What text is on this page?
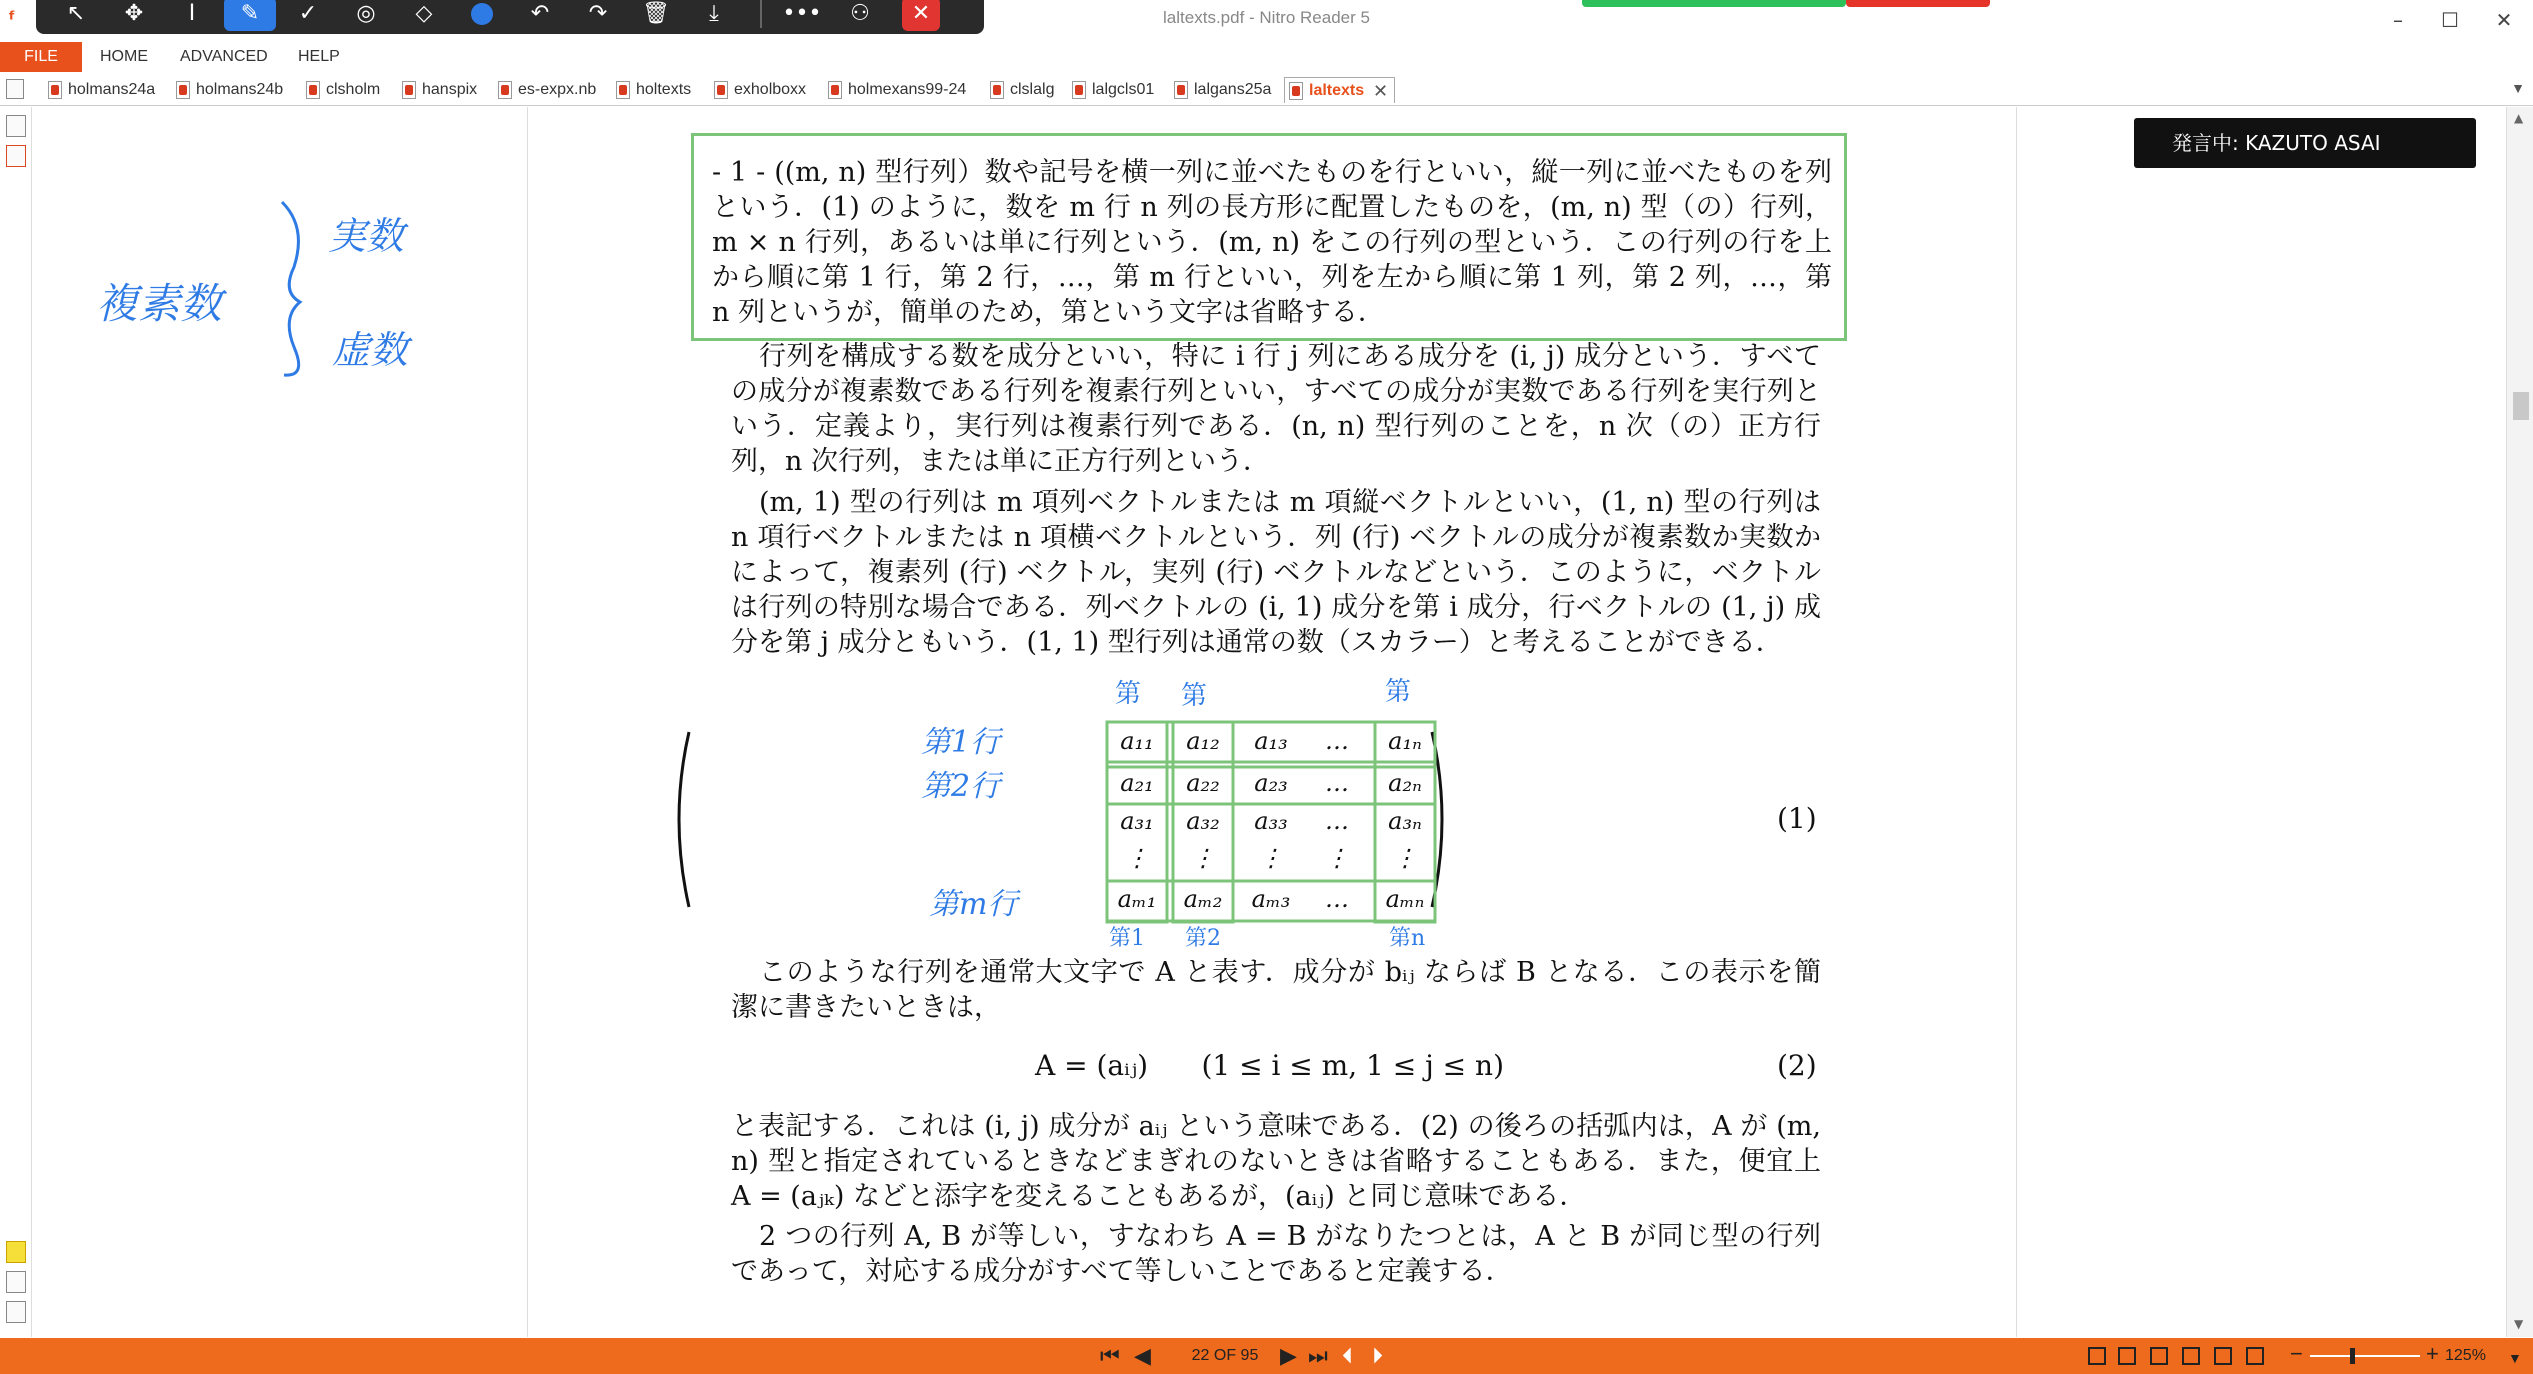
ᶠ	laltexts.pdf - Nitro Reader 5	–	☐	✕
↖	✥	I	✎	✓	◎	◇	↶	↷	🗑	⤓	•••	⚇	✕
FILE	HOME ADVANCED HELP
holmans24a	holmans24b	clsholm	hanspix	es-expx.nb	holtexts	exholboxx	holmexans99-24	clslalg	lalgcls01	lalgans25a	laltexts ✕	▼
複素数
実数
虚数
- 1 - ((m, n) 型行列）数や記号を横一列に並べたものを行といい，縦一列に並べたものを列という．(1) のように，数を m 行 n 列の長方形に配置したものを，(m, n) 型（の）行列，m × n 行列，あるいは単に行列という．(m, n) をこの行列の型という．この行列の行を上から順に第 1 行，第 2 行，…，第 m 行といい，列を左から順に第 1 列，第 2 列，…，第 n 列というが，簡単のため，第という文字は省略する．
行列を構成する数を成分といい，特に i 行 j 列にある成分を (i, j) 成分という．すべての成分が複素数である行列を複素行列といい，すべての成分が実数である行列を実行列という．定義より，実行列は複素行列である．(n, n) 型行列のことを，n 次（の）正方行列，n 次行列，または単に正方行列という．
(m, 1) 型の行列は m 項列ベクトルまたは m 項縦ベクトルといい，(1, n) 型の行列は n 項行ベクトルまたは n 項横ベクトルという．列 (行) ベクトルの成分が複素数か実数かによって，複素列 (行) ベクトル，実列 (行) ベクトルなどという．このように，ベクトルは行列の特別な場合である．列ベクトルの (i, 1) 成分を第 i 成分，行ベクトルの (1, j) 成分を第 j 成分ともいう．(1, 1) 型行列は通常の数（スカラー）と考えることができる．
a₁₁	a₁₂	a₁₃	…	a₁ₙ
a₂₁	a₂₂	a₂₃	…	a₂ₙ
a₃₁	a₃₂	a₃₃	…	a₃ₙ
⋮	⋮	⋮	⋮	⋮
aₘ₁	aₘ₂	aₘ₃	…	aₘₙ
(1)
第1行
第2行
第m行
第 第	第
第1 第2	第n
このような行列を通常大文字で A と表す．成分が bᵢⱼ ならば B となる．この表示を簡潔に書きたいときは，
A = (aᵢⱼ)      (1 ≤ i ≤ m, 1 ≤ j ≤ n)	(2)
と表記する．これは (i, j) 成分が aᵢⱼ という意味である．(2) の後ろの括弧内は，A が (m, n) 型と指定されているときなどまぎれのないときは省略することもある．また，便宜上 A = (aⱼₖ) などと添字を変えることもあるが，(aᵢⱼ) と同じ意味である．
2 つの行列 A, B が等しい，すなわち A = B がなりたつとは，A と B が同じ型の行列であって，対応する成分がすべて等しいことであると定義する．
発言中: KAZUTO ASAI
▲
▼
⏮ ◀	22 OF 95 ▶ ⏭ ⏴ ⏵	−	+ 125% ▼
